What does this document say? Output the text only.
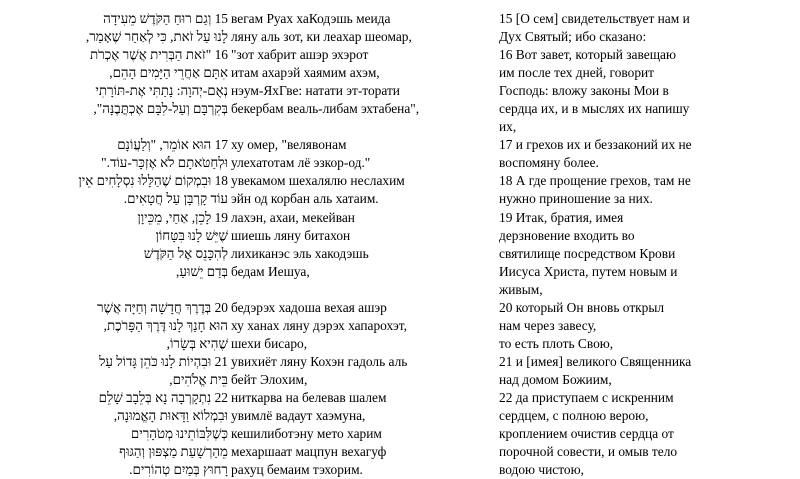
15 וְגַם רוּחַ הַקֹּדֶשׁ מֵעִידָה
לָנוּ עַל זֹאת, כִּי לְאַחַר שֶׁאָמַר,
16 "זֹאת הַבְּרִית אֲשֶׁר אֶכְרֹת
אִתָּם אַחֲרֵי הַיָּמִים הָהֵם,
נְאֻם-יְהוָה: נָתַתִּי אֶת-תּוֹרָתִי
בְּקִרְבָּם וְעַל-לִבָּם אֶכְתֳּבֶנָּה",

17 הוּא אוֹמֵר, "וְלַעֲוֹנָם
וּלְחַטֹּאתָם לֹא אֶזְכָּר-עוֹד."
18 וּבִמְקוֹם שֶׁהַלָּלוּ נִסְלָחִים אֵין
עוֹד קָרְבָּן עַל חֲטָאִים.
19 לָכֵן, אַחַי, מֵכֵּיוָן
שֶׁיֵּשׁ לָנוּ בִּטָּחוֹן
לְהִכָּנֵס אֶל הַקֹּדֶשׁ
בְּדַם יֵשׁוּעַ,

20 בְּדֶרֶךְ חֲדָשָׁה וְחַיָּה אֲשֶׁר
הוּא חָנַךְ לָנוּ דֶּרֶךְ הַפָּרֹכֶת,
שֶׁהִיא בְּשָׂרוֹ,
21 וּבִהְיוֹת לָנוּ כֹּהֵן גָּדוֹל עַל
בֵּית אֱלֹהִים,
22 נִתְקָרְבָה נָא בְּלֵבָב שָׁלֵם
וּבִמְלוֹא וַדָּאוּת הָאֱמוּנָה,
כְּשֶׁלִּבּוֹתֵינוּ מְטֹהָרִים
מֵהַרְשָׁעַת מַצְפּוּן וְהַגּוּף
רָחוּץ בְּמַיִם טְהוֹרִים.
вегам Руах хаКодэшь меида
ляну аль зот, ки леахар шеомар,
"зот хабрит ашэр эхэрот
итам ахарэй хаямим ахэм,
нэум-ЯхГве: натати эт-торати
бекербам веаль-либам эхтабена",

ху омер, "велявонам
улехатотам лё эзкор-од."
увекамом шехалялю неслахим
эйн од корбан аль хатаим.
лахэн, ахаи, мекейван
шиешь ляну битахон
лихиканэс эль хакодэшь
бедам Иешуа,

бедэрэх хадоша вехая ашэр
ху ханах ляну дэрэх хапарохэт,
шехи бисаро,
увихиёт ляну Кохэн гадоль аль
бейт Элохим,
ниткарва на белевав шалем
увимлё вадаут хаэмуна,
кешилиботэну мето харим
мехаршаат мацпун вехагуф
рахуц бемаим тэхорим.
15 [О сем] свидетельствует нам и
Дух Святый; ибо сказано:
16 Вот завет, который завещаю
им после тех дней, говорит
Господь: вложу законы Мои в
сердца их, и в мыслях их напишу
их,
17 и грехов их и беззаконий их не
воспомяну более.
18 А где прощение грехов, там не
нужно приношение за них.
19 Итак, братия, имея
дерзновение входить во
святилище посредством Крови
Иисуса Христа, путем новым и
живым,
20 который Он вновь открыл
нам через завесу,
то есть плоть Свою,
21 и [имея] великого Священника
над домом Божиим,
22 да приступаем с искренним
сердцем, с полною верою,
кроплением очистив сердца от
порочной совести, и омыв тело
водою чистою,
